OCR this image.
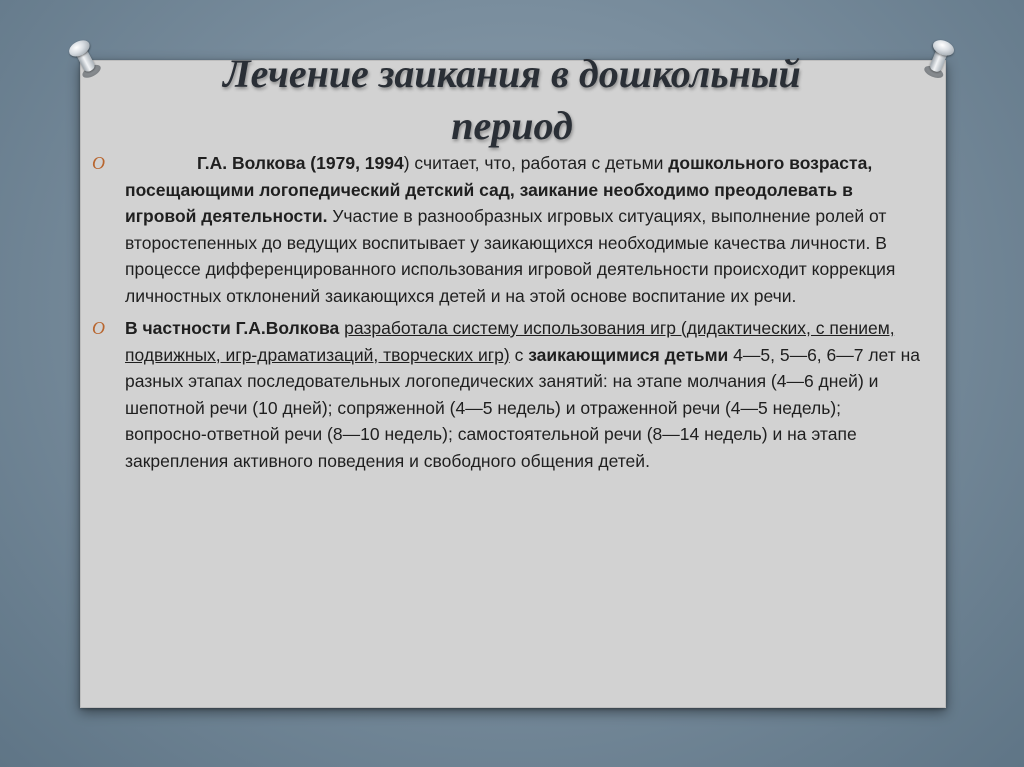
Лечение заикания в дошкольный
период
O	Г.А. Волкова (1979, 1994) считает, что, работая с детьми дошкольного возраста, посещающими логопедический детский сад, заикание необходимо преодолевать в игровой деятельности. Участие в разнообразных игровых ситуациях, выполнение ролей от второстепенных до ведущих воспитывает у заикающихся необходимые качества личности. В процессе дифференцированного использования игровой деятельности происходит коррекция личностных отклонений заикающихся детей и на этой основе воспитание их речи.
O В частности Г.А.Волкова разработала систему использования игр (дидактических, с пением, подвижных, игр-драматизаций, творческих игр) с заикающимися детьми 4—5, 5—6, 6—7 лет на разных этапах последовательных логопедических занятий: на этапе молчания (4—6 дней) и шепотной речи (10 дней); сопряженной (4—5 недель) и отраженной речи (4—5 недель); вопросно-ответной речи (8—10 недель); самостоятельной речи (8—14 недель) и на этапе закрепления активного поведения и свободного общения детей.
